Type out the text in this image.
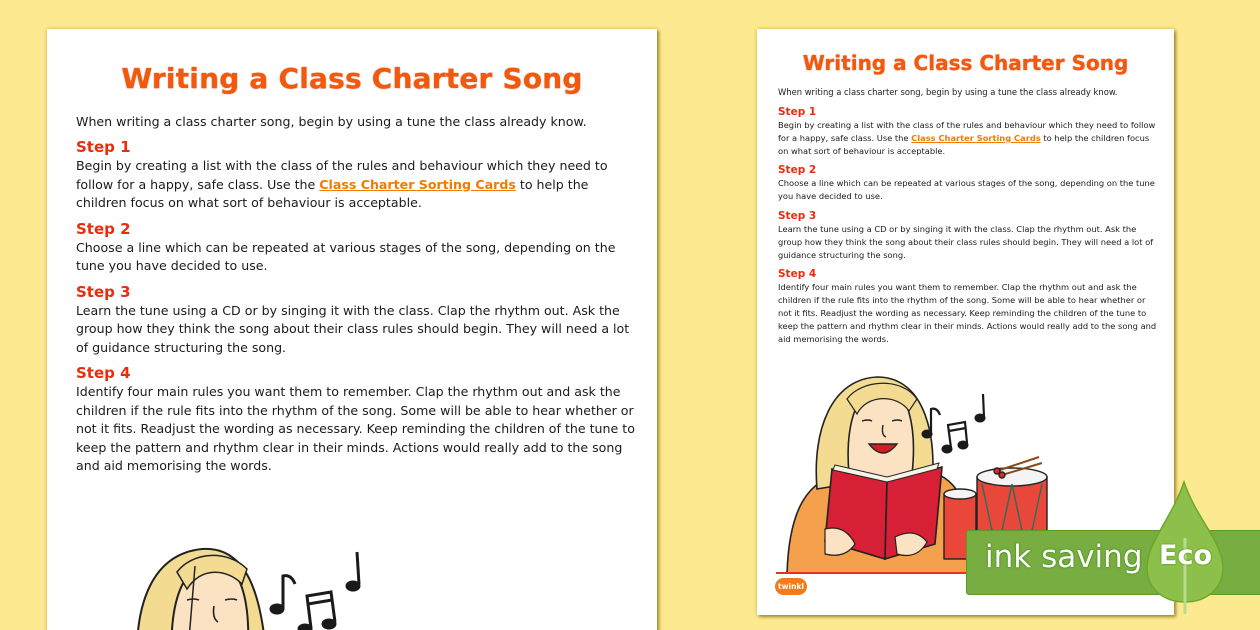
Writing a Class Charter Song

When writing a class charter song, begin by using a tune the class already know.

Step 1

Begin by creating a list with the class of the rules and behaviour which they need to follow for a happy, safe class. Use the Class Charter Sorting Cards to help the children focus on what sort of behaviour is acceptable.

Step 2

Choose a line which can be repeated at various stages of the song, depending on the tune you have decided to use.

Step 3

Learn the tune using a CD or by singing it with the class. Clap the rhythm out. Ask the group how they think the song about their class rules should begin. They will need a lot of guidance structuring the song.

Step 4

Identify four main rules you want them to remember. Clap the rhythm out and ask the children if the rule fits into the rhythm of the song. Some will be able to hear whether or not it fits. Readjust the wording as necessary. Keep reminding the children of the tune to keep the pattern and rhythm clear in their minds. Actions would really add to the song and aid memorising the words.

Writing a Class Charter Song

When writing a class charter song, begin by using a tune the class already know.

Step 1

Begin by creating a list with the class of the rules and behaviour which they need to follow for a happy, safe class. Use the Class Charter Sorting Cards to help the children focus on what sort of behaviour is acceptable.

Step 2

Choose a line which can be repeated at various stages of the song, depending on the tune you have decided to use.

Step 3

Learn the tune using a CD or by singing it with the class. Clap the rhythm out. Ask the group how they think the song about their class rules should begin. They will need a lot of guidance structuring the song.

Step 4

Identify four main rules you want them to remember. Clap the rhythm out and ask the children if the rule fits into the rhythm of the song. Some will be able to hear whether or not it fits. Readjust the wording as necessary. Keep reminding the children of the tune to keep the pattern and rhythm clear in their minds. Actions would really add to the song and aid memorising the words.

twinkl
ink saving Eco
